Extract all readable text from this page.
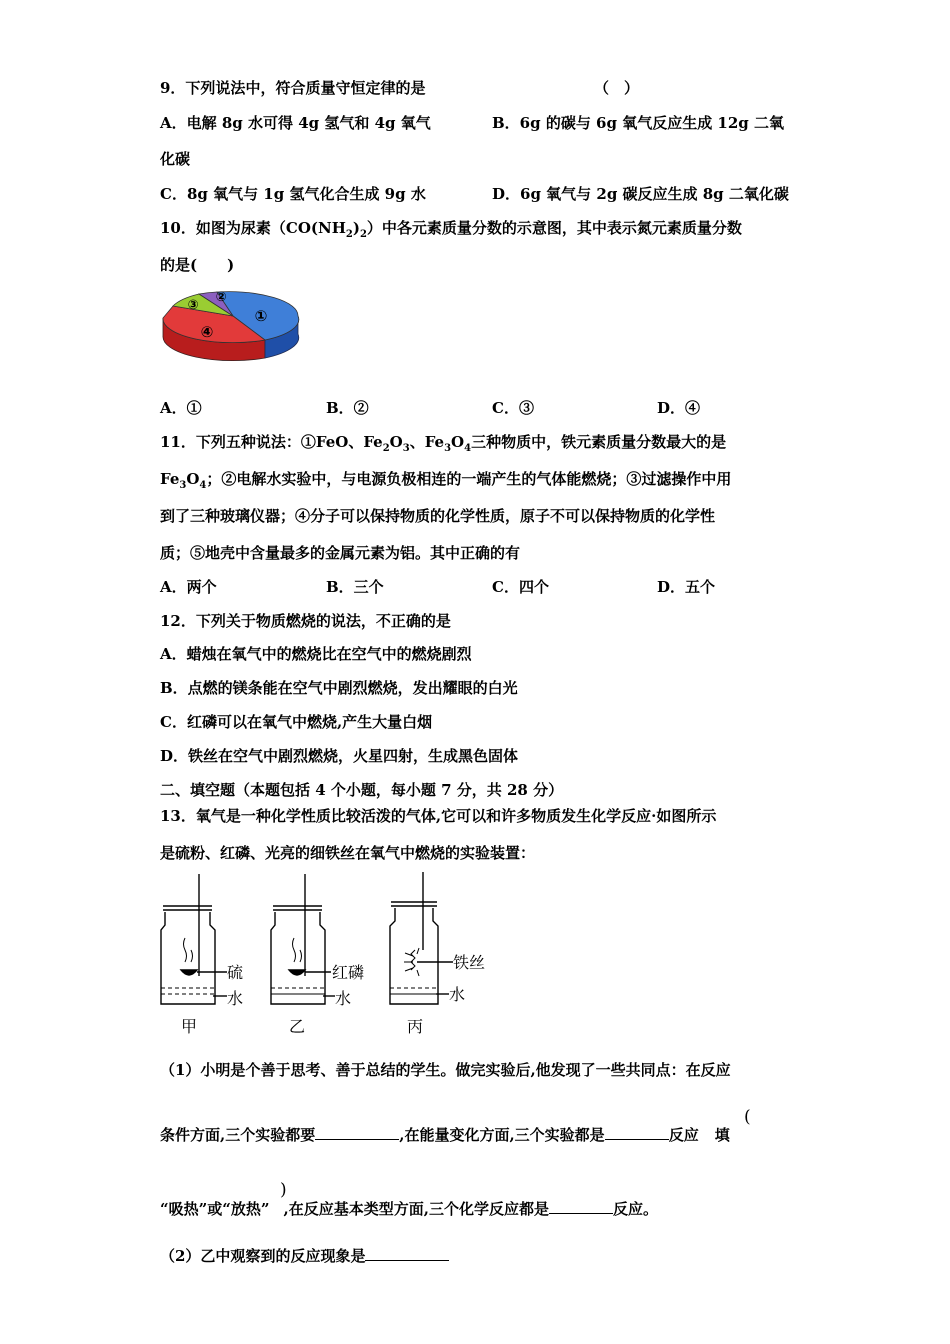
9．下列说法中，符合质量守恒定律的是	（　）
A．电解 8g 水可得 4g 氢气和 4g 氧气	B．6g 的碳与 6g 氧气反应生成 12g 二氧
化碳
C．8g 氧气与 1g 氢气化合生成 9g 水	D．6g 氧气与 2g 碳反应生成 8g 二氧化碳
10．如图为尿素$(CO(NH_2)_2)$中各元素质量分数的示意图，其中表示氮元素质量分数
的是(　　)
①
②
③
④
A．①	B．②	C．③	D．④
11．下列五种说法：①FeO、$Fe_2O_3$、$Fe_3O_4$三种物质中，铁元素质量分数最大的是
$Fe_3O_4$；②电解水实验中，与电源负极相连的一端产生的气体能燃烧；③过滤操作中用
到了三种玻璃仪器；④分子可以保持物质的化学性质，原子不可以保持物质的化学性
质；⑤地壳中含量最多的金属元素为铝。其中正确的有
A．两个	B．三个	C．四个	D．五个
12．下列关于物质燃烧的说法，不正确的是
A．蜡烛在氧气中的燃烧比在空气中的燃烧剧烈
B．点燃的镁条能在空气中剧烈燃烧，发出耀眼的白光
C．红磷可以在氧气中燃烧,产生大量白烟
D．铁丝在空气中剧烈燃烧，火星四射，生成黑色固体
二、填空题（本题包括 4 个小题，每小题 7 分，共 28 分）
13．氧气是一种化学性质比较活泼的气体,它可以和许多物质发生化学反应·如图所示
是硫粉、红磷、光亮的细铁丝在氧气中燃烧的实验装置：
硫
水
甲
红磷
水
乙
铁丝
水
丙
（1）小明是个善于思考、善于总结的学生。做完实验后,他发现了一些共同点：在反应
条件方面,三个实验都要	,在能量变化方面,三个实验都是	反应 填
(
“吸热”或“放热” ,在反应基本类型方面,三个化学反应都是	反应。
)
（2）乙中观察到的反应现象是
